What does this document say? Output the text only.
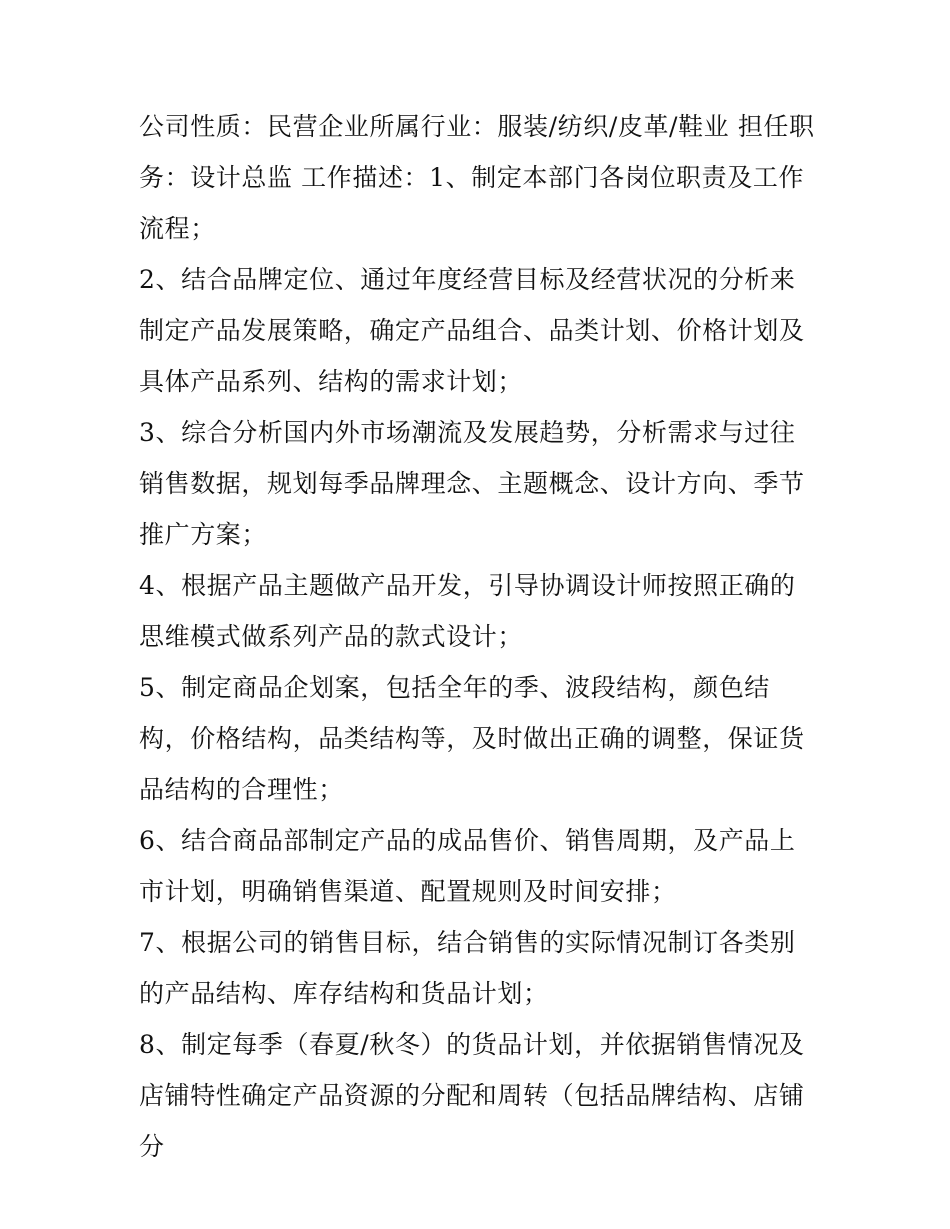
公司性质：民营企业所属行业：服装/纺织/皮革/鞋业 担任职务：设计总监 工作描述：1、制定本部门各岗位职责及工作流程；

2、结合品牌定位、通过年度经营目标及经营状况的分析来制定产品发展策略，确定产品组合、品类计划、价格计划及具体产品系列、结构的需求计划；

3、综合分析国内外市场潮流及发展趋势，分析需求与过往销售数据，规划每季品牌理念、主题概念、设计方向、季节推广方案；

4、根据产品主题做产品开发，引导协调设计师按照正确的思维模式做系列产品的款式设计；

5、制定商品企划案，包括全年的季、波段结构，颜色结构，价格结构，品类结构等，及时做出正确的调整，保证货品结构的合理性；

6、结合商品部制定产品的成品售价、销售周期，及产品上市计划，明确销售渠道、配置规则及时间安排；

7、根据公司的销售目标，结合销售的实际情况制订各类别的产品结构、库存结构和货品计划；

8、制定每季（春夏/秋冬）的货品计划，并依据销售情况及店铺特性确定产品资源的分配和周转（包括品牌结构、店铺分
